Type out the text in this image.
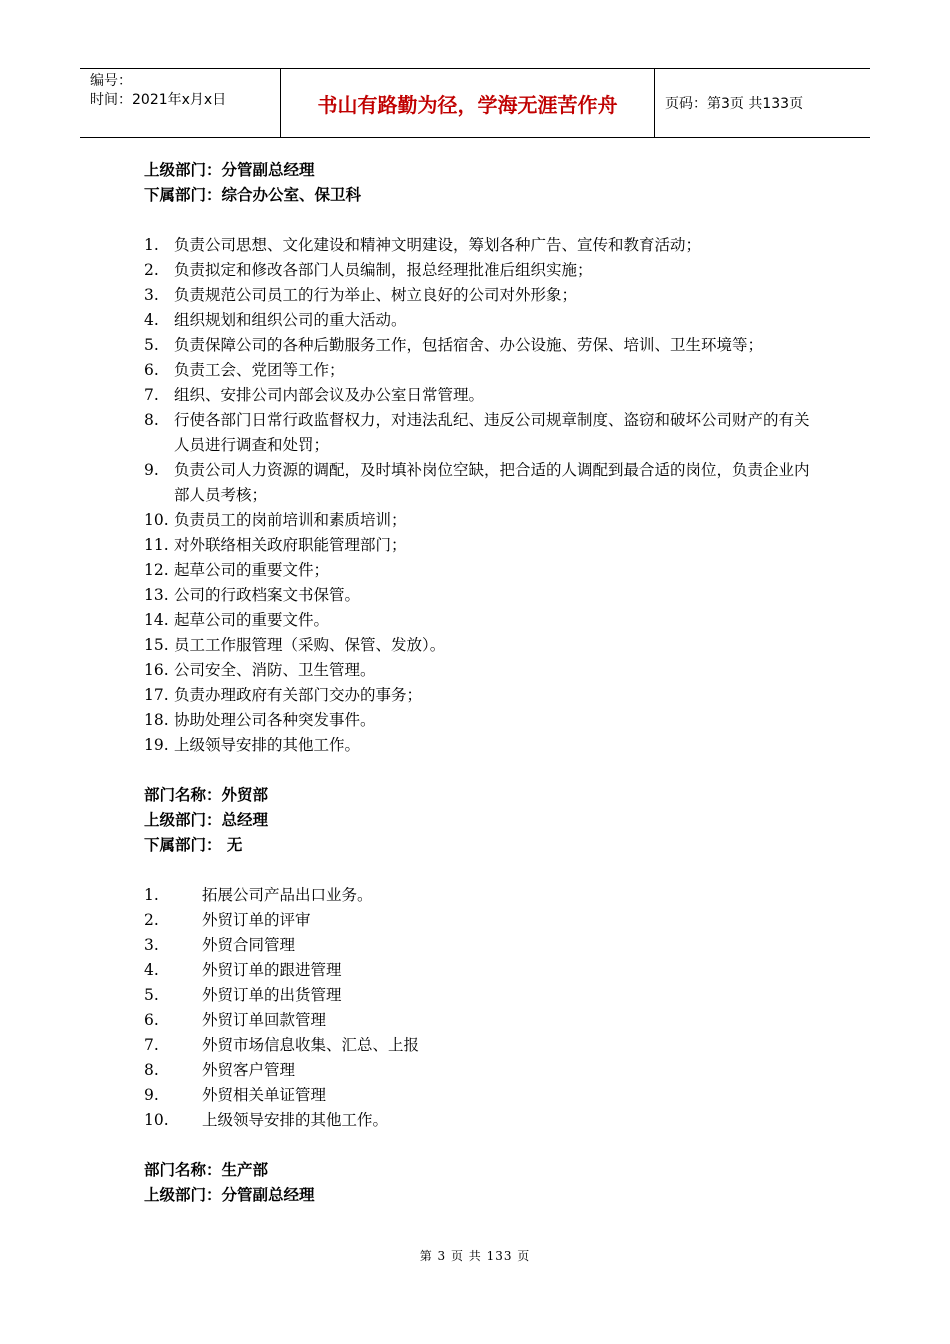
编号：
时间：2021年x月x日	书山有路勤为径，学海无涯苦作舟	页码：第3页 共133页
上级部门：分管副总经理
下属部门：综合办公室、保卫科
1. 负责公司思想、文化建设和精神文明建设，筹划各种广告、宣传和教育活动；
2. 负责拟定和修改各部门人员编制，报总经理批准后组织实施；
3. 负责规范公司员工的行为举止、树立良好的公司对外形象；
4. 组织规划和组织公司的重大活动。
5. 负责保障公司的各种后勤服务工作，包括宿舍、办公设施、劳保、培训、卫生环境等；
6. 负责工会、党团等工作；
7. 组织、安排公司内部会议及办公室日常管理。
8. 行使各部门日常行政监督权力，对违法乱纪、违反公司规章制度、盗窃和破坏公司财产的有关人员进行调查和处罚；
9. 负责公司人力资源的调配，及时填补岗位空缺，把合适的人调配到最合适的岗位，负责企业内部人员考核；
10. 负责员工的岗前培训和素质培训；
11. 对外联络相关政府职能管理部门；
12. 起草公司的重要文件；
13. 公司的行政档案文书保管。
14. 起草公司的重要文件。
15. 员工工作服管理（采购、保管、发放）。
16. 公司安全、消防、卫生管理。
17. 负责办理政府有关部门交办的事务；
18. 协助处理公司各种突发事件。
19. 上级领导安排的其他工作。
部门名称：外贸部
上级部门：总经理
下属部门： 无
1.	拓展公司产品出口业务。
2.	外贸订单的评审
3.	外贸合同管理
4.	外贸订单的跟进管理
5.	外贸订单的出货管理
6.	外贸订单回款管理
7.	外贸市场信息收集、汇总、上报
8.	外贸客户管理
9.	外贸相关单证管理
10.	上级领导安排的其他工作。
部门名称：生产部
上级部门：分管副总经理
第 3 页 共 133 页
